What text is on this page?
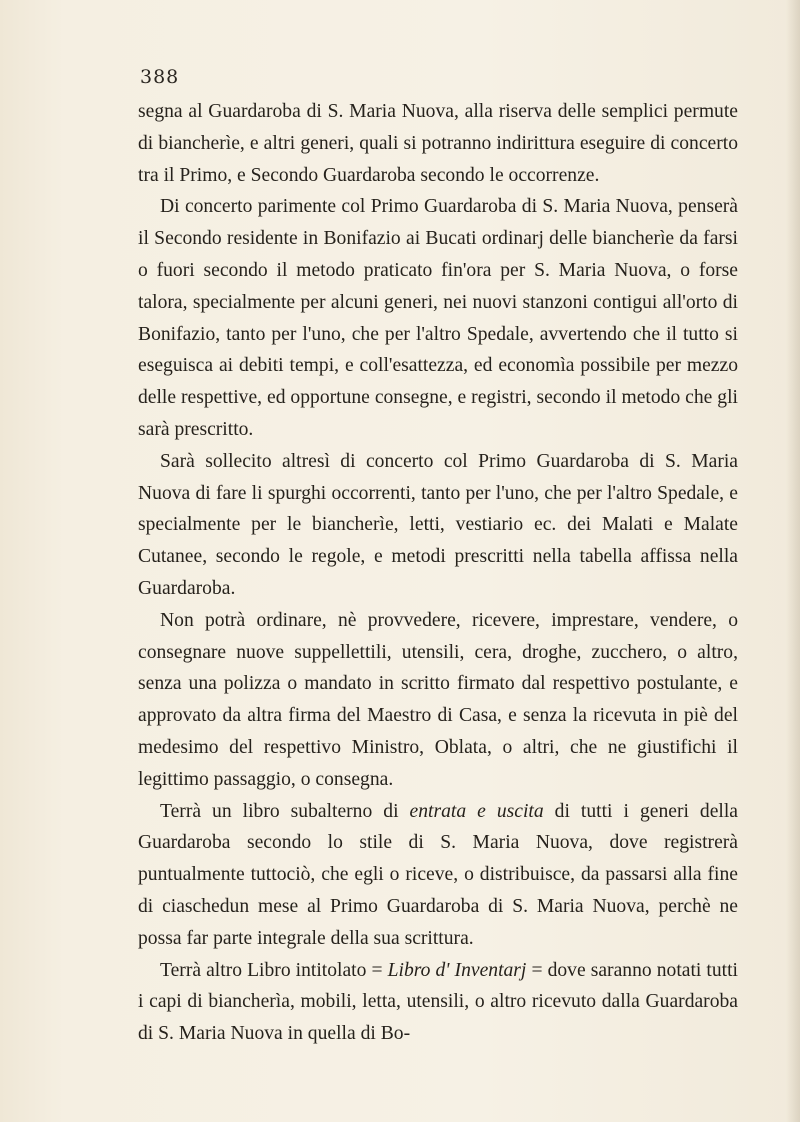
388

segna al Guardaroba di S. Maria Nuova, alla riserva delle semplici permute di biancherìe, e altri generi, quali si potranno indirittura eseguire di concerto tra il Primo, e Secondo Guardaroba secondo le occorrenze.

Di concerto parimente col Primo Guardaroba di S. Maria Nuova, penserà il Secondo residente in Bonifazio ai Bucati ordinarj delle biancherìe da farsi o fuori secondo il metodo praticato fin'ora per S. Maria Nuova, o forse talora, specialmente per alcuni generi, nei nuovi stanzoni contigui all'orto di Bonifazio, tanto per l'uno, che per l'altro Spedale, avvertendo che il tutto si eseguisca ai debiti tempi, e coll'esattezza, ed economìa possibile per mezzo delle respettive, ed opportune consegne, e registri, secondo il metodo che gli sarà prescritto.

Sarà sollecito altresì di concerto col Primo Guardaroba di S. Maria Nuova di fare li spurghi occorrenti, tanto per l'uno, che per l'altro Spedale, e specialmente per le biancherìe, letti, vestiario ec. dei Malati e Malate Cutanee, secondo le regole, e metodi prescritti nella tabella affissa nella Guardaroba.

Non potrà ordinare, nè provvedere, ricevere, imprestare, vendere, o consegnare nuove suppellettili, utensili, cera, droghe, zucchero, o altro, senza una polizza o mandato in scritto firmato dal respettivo postulante, e approvato da altra firma del Maestro di Casa, e senza la ricevuta in piè del medesimo del respettivo Ministro, Oblata, o altri, che ne giustifichi il legittimo passaggio, o consegna.

Terrà un libro subalterno di entrata e uscita di tutti i generi della Guardaroba secondo lo stile di S. Maria Nuova, dove registrerà puntualmente tuttociò, che egli o riceve, o distribuisce, da passarsi alla fine di ciaschedun mese al Primo Guardaroba di S. Maria Nuova, perchè ne possa far parte integrale della sua scrittura.

Terrà altro Libro intitolato = Libro d' Inventarj = dove saranno notati tutti i capi di biancherìa, mobili, letta, utensili, o altro ricevuto dalla Guardaroba di S. Maria Nuova in quella di Bo-
